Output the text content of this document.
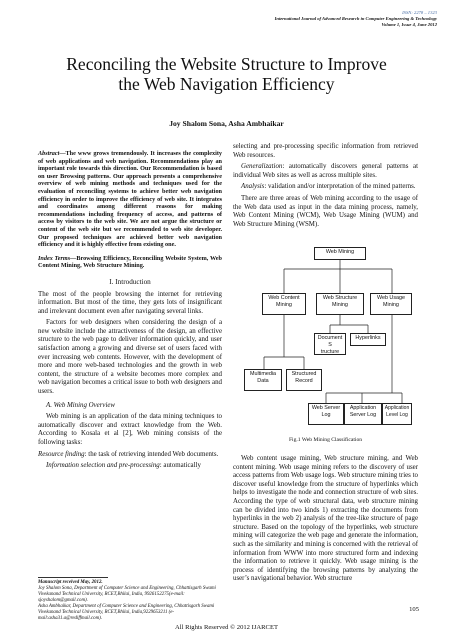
ISSN: 2278 – 1323
International Journal of Advanced Research in Computer Engineering & Technology
Volume 1, Issue 4, June 2012
Reconciling the Website Structure to Improve
the Web Navigation Efficiency
Joy Shalom Sona, Asha Ambhaikar

Abstract—The www grows tremendously. It increases the complexity of web applications and web navigation. Recommendations play an important role towards this direction. Our Recommendation is based on user Browsing patterns. Our approach presents a comprehensive overview of web mining methods and techniques used for the evaluation of reconciling systems to achieve better web navigation efficiency in order to improve the efficiency of web site. It integrates and coordinates among different reasons for making recommendations including frequency of access, and patterns of access by visitors to the web site. We are not argue the structure or content of the web site but we recommended to web site developer. Our proposed techniques are achieved better web navigation efficiency and it is highly effective from existing one.

Index Terms—Browsing Efficiency, Reconciling Website System, Web Content Mining, Web Structure Mining.

I. Introduction

The most of the people browsing the internet for retrieving information. But most of the time, they gets lots of insignificant and irrelevant document even after navigating several links.

Factors for web designers when considering the design of a new website include the attractiveness of the design, an effective structure to the web page to deliver information quickly, and user satisfaction among a growing and diverse set of users faced with ever increasing web contents. However, with the development of more and more web-based technologies and the growth in web content, the structure of a website becomes more complex and web navigation becomes a critical issue to both web designers and users.

A. Web Mining Overview

Web mining is an application of the data mining techniques to automatically discover and extract knowledge from the Web. According to Kosala et al [2], Web mining consists of the following tasks:

Resource finding: the task of retrieving intended Web documents.

Information selection and pre-processing: automatically

Manuscript received May, 2012.
Joy Shalom Sona, Department of Computer Science and Engineering, Chhattisgarh Swami Vivekanand Technical University, RCET,Bhilai, India, 9926152275(e-mail: sjoyshalom@gmail.com).
Asha Ambhaikar, Department of Computer Science and Engineering, Chhattisgarh Swami Vivekanand Technical University, RCET,Bhilai, India,9229653211 (e-mail:asha31.a@rediffmail.com).

selecting and pre-processing specific information from retrieved Web resources.

Generalization: automatically discovers general patterns at individual Web sites as well as across multiple sites.

Analysis: validation and/or interpretation of the mined patterns.

There are three areas of Web mining according to the usage of the Web data used as input in the data mining process, namely, Web Content Mining (WCM), Web Usage Mining (WUM) and Web Structure Mining (WSM).

Web Mining
Web Content
Mining
Web Structure
Mining
Web Usage
Mining
Document S
tructure
Hyperlinks
Multimedia
Data
Structured
Record
Web Server
Log
Application
Server Log
Application
Level Log
Fig.1 Web Mining Classification

Web content usage mining, Web structure mining, and Web content mining. Web usage mining refers to the discovery of user access patterns from Web usage logs. Web structure mining tries to discover useful knowledge from the structure of hyperlinks which helps to investigate the node and connection structure of web sites. According the type of web structural data, web structure mining can be divided into two kinds 1) extracting the documents from hyperlinks in the web 2) analysis of the tree-like structure of page structure. Based on the topology of the hyperlinks, web structure mining will categorize the web page and generate the information, such as the similarity and mining is concerned with the retrieval of information from WWW into more structured form and indexing the information to retrieve it quickly. Web usage mining is the process of identifying the browsing patterns by analyzing the user’s navigational behavior. Web structure

105
All Rights Reserved © 2012 IJARCET
